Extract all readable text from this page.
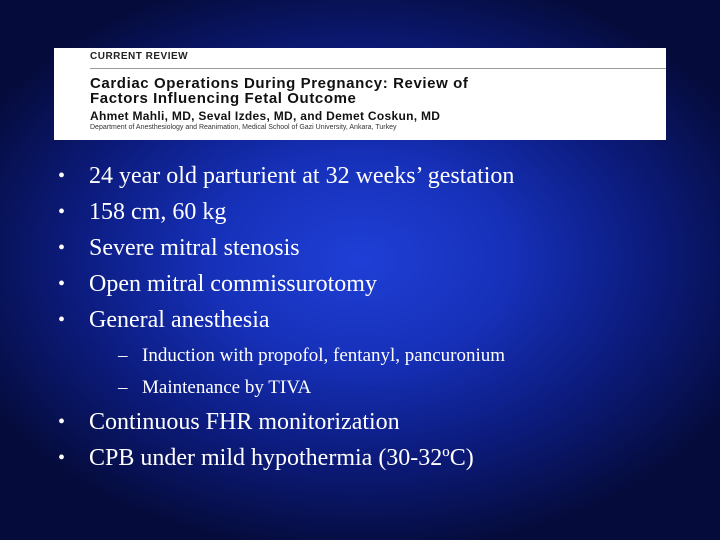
CURRENT REVIEW
Cardiac Operations During Pregnancy: Review of
Factors Influencing Fetal Outcome
Ahmet Mahli, MD, Seval Izdes, MD, and Demet Coskun, MD
Department of Anesthesiology and Reanimation, Medical School of Gazi University, Ankara, Turkey
• 24 year old parturient at 32 weeks’ gestation
• 158 cm, 60 kg
• Severe mitral stenosis
• Open mitral commissurotomy
• General anesthesia
– Induction with propofol, fentanyl, pancuronium
– Maintenance by TIVA
• Continuous FHR monitorization
• CPB under mild hypothermia (30-32ºC)
